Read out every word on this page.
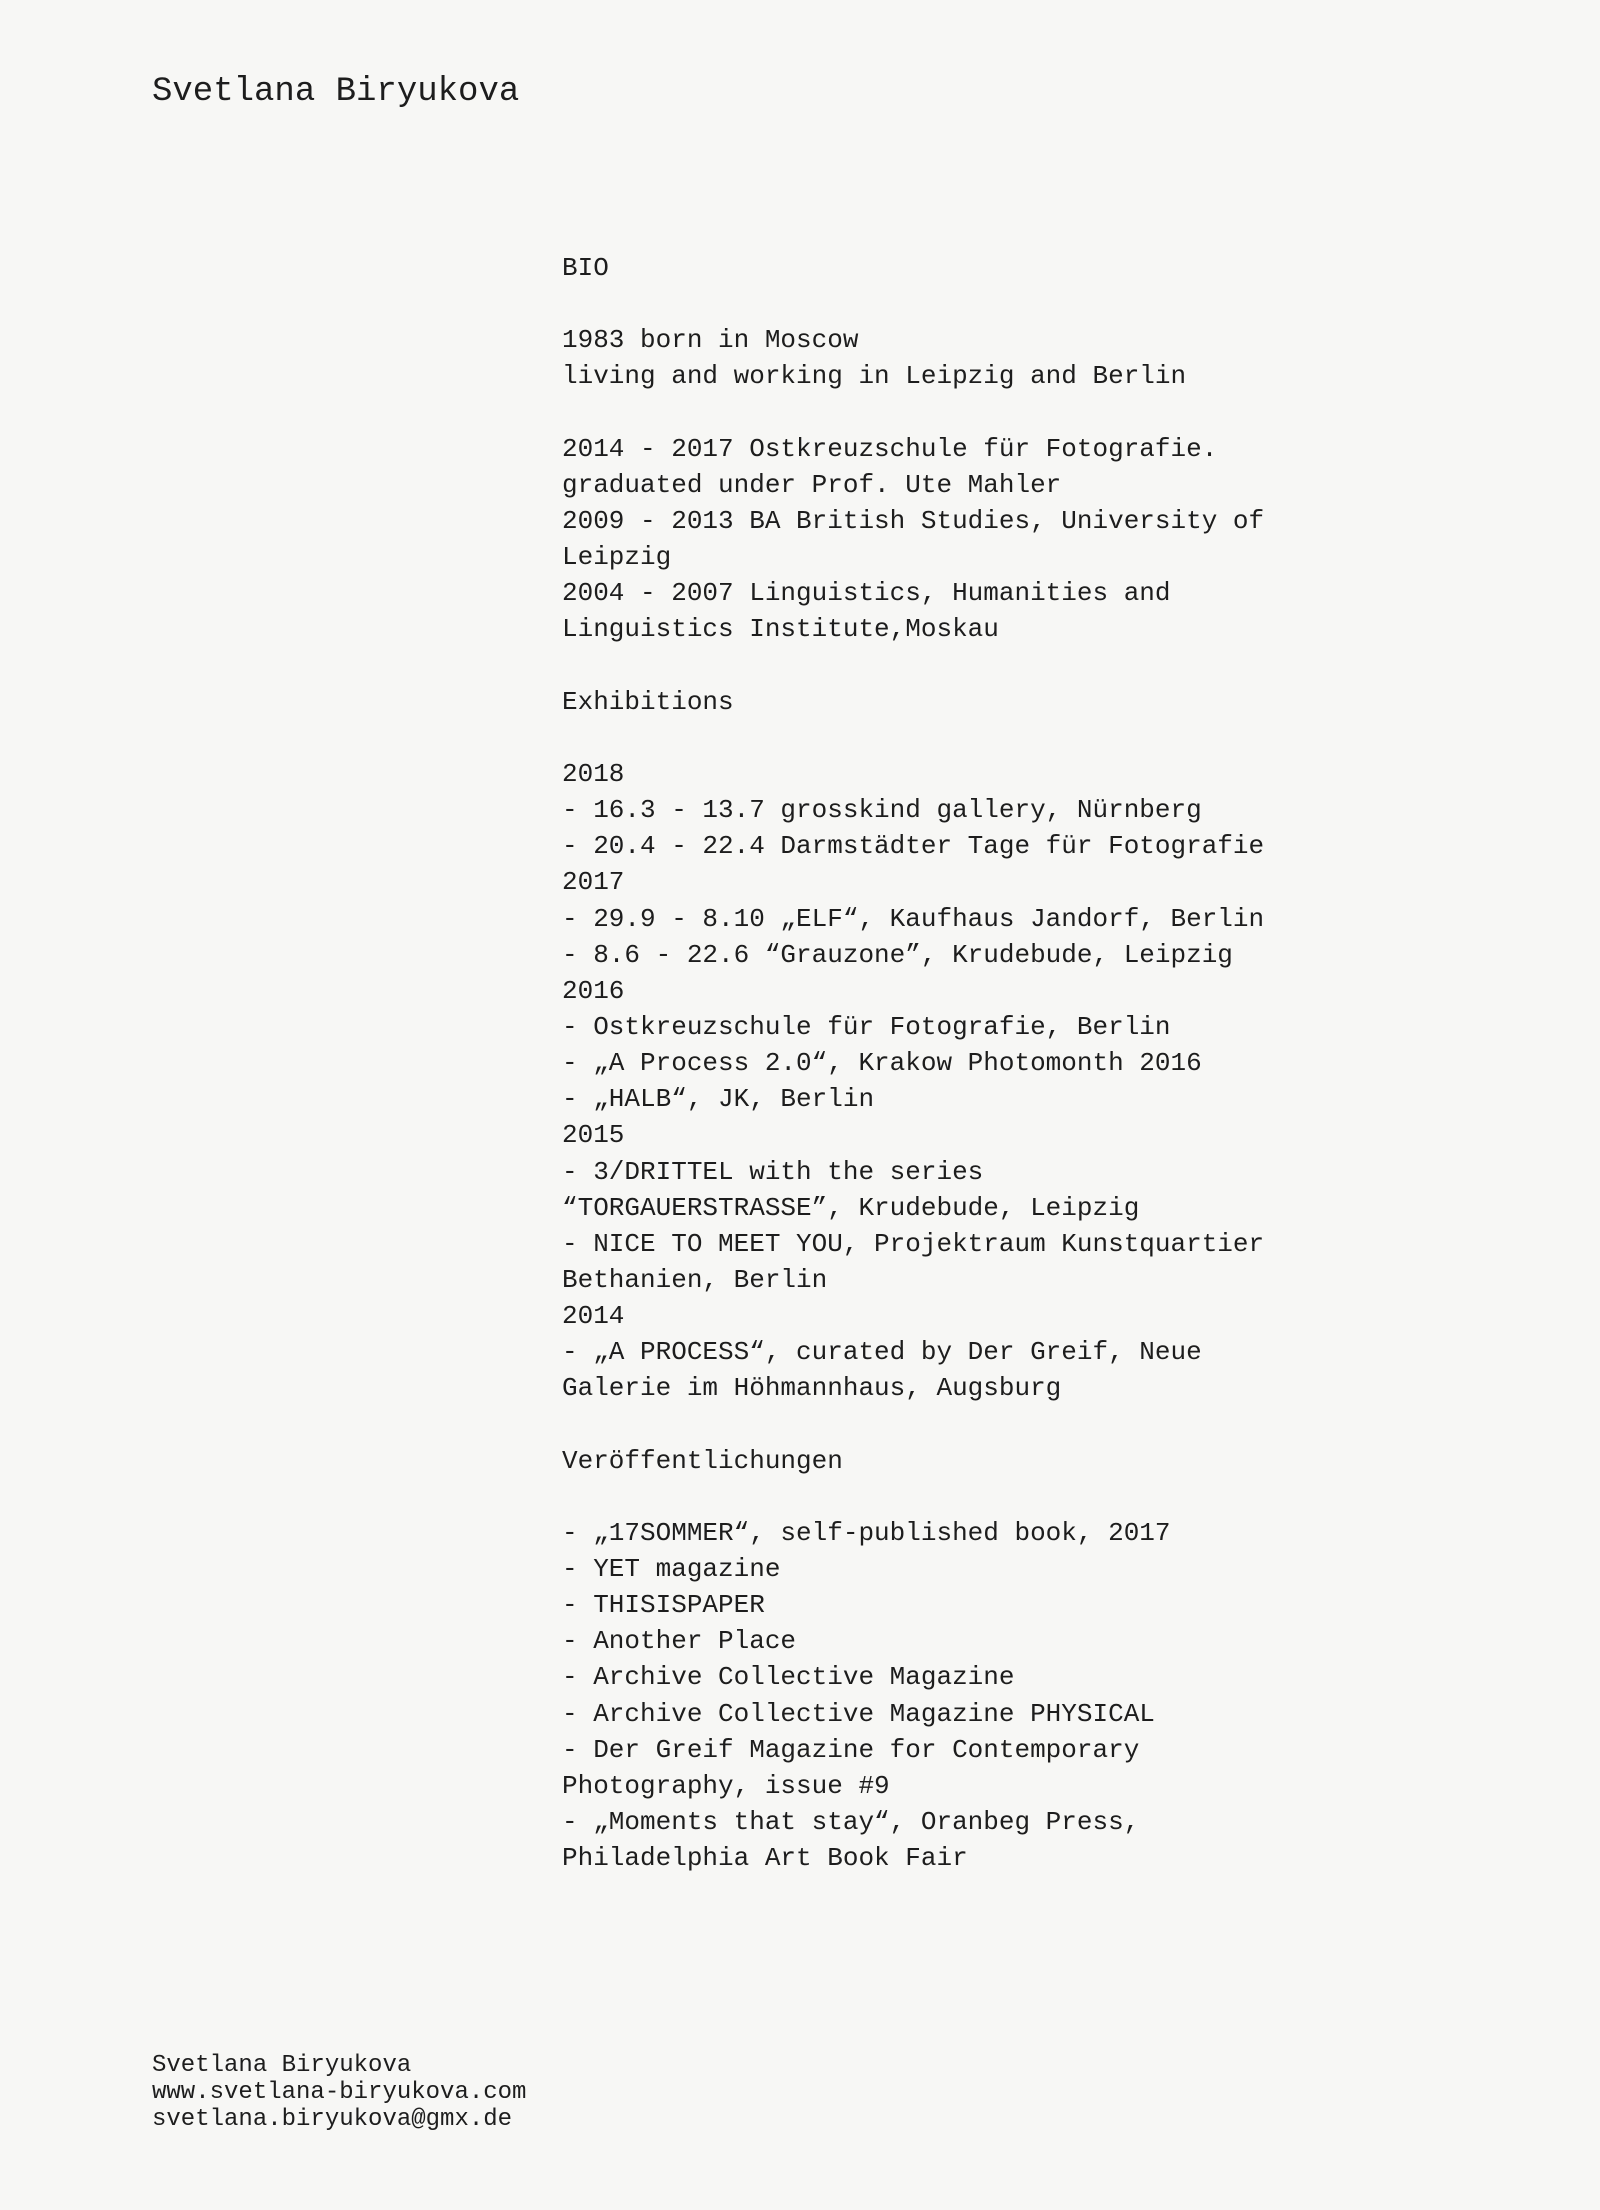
Svetlana Biryukova
BIO
1983 born in Moscow
living and working in Leipzig and Berlin
2014 - 2017 Ostkreuzschule für Fotografie.
graduated under Prof. Ute Mahler
2009 - 2013 BA British Studies, University of
Leipzig
2004 - 2007 Linguistics, Humanities and
Linguistics Institute,Moskau
Exhibitions
2018
- 16.3 - 13.7 grosskind gallery, Nürnberg
- 20.4 - 22.4 Darmstädter Tage für Fotografie
2017
- 29.9 - 8.10 „ELF“, Kaufhaus Jandorf, Berlin
- 8.6 - 22.6 “Grauzone”, Krudebude, Leipzig
2016
- Ostkreuzschule für Fotografie, Berlin
- „A Process 2.0“, Krakow Photomonth 2016
- „HALB“, JK, Berlin
2015
- 3/DRITTEL with the series
“TORGAUERSTRASSE”, Krudebude, Leipzig
- NICE TO MEET YOU, Projektraum Kunstquartier
Bethanien, Berlin
2014
- „A PROCESS“, curated by Der Greif, Neue
Galerie im Höhmannhaus, Augsburg
Veröffentlichungen
- „17SOMMER“, self-published book, 2017
- YET magazine
- THISISPAPER
- Another Place
- Archive Collective Magazine
- Archive Collective Magazine PHYSICAL
- Der Greif Magazine for Contemporary
Photography, issue #9
- „Moments that stay“, Oranbeg Press,
Philadelphia Art Book Fair
Svetlana Biryukova
www.svetlana-biryukova.com
svetlana.biryukova@gmx.de
